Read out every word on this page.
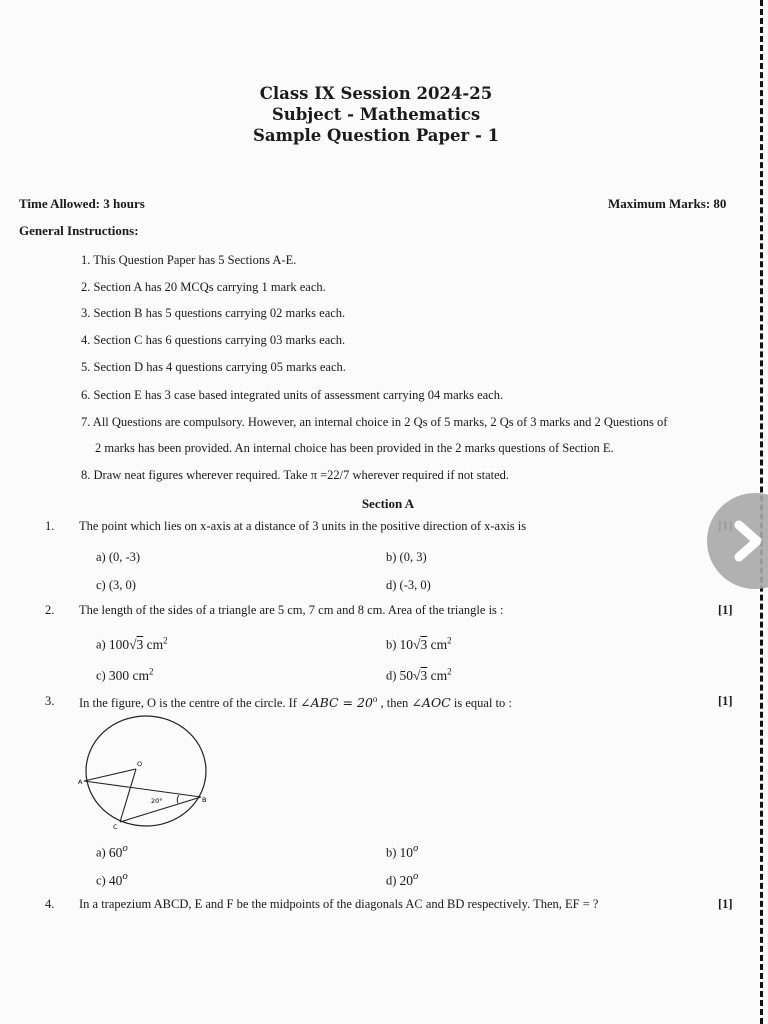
Class IX Session 2024-25
Subject - Mathematics
Sample Question Paper - 1
Time Allowed: 3 hours	Maximum Marks: 80
General Instructions:
1. This Question Paper has 5 Sections A-E.
2. Section A has 20 MCQs carrying 1 mark each.
3. Section B has 5 questions carrying 02 marks each.
4. Section C has 6 questions carrying 03 marks each.
5. Section D has 4 questions carrying 05 marks each.
6. Section E has 3 case based integrated units of assessment carrying 04 marks each.
7. All Questions are compulsory. However, an internal choice in 2 Qs of 5 marks, 2 Qs of 3 marks and 2 Questions of
2 marks has been provided. An internal choice has been provided in the 2 marks questions of Section E.
8. Draw neat figures wherever required. Take π =22/7 wherever required if not stated.
Section A
1. The point which lies on x-axis at a distance of 3 units in the positive direction of x-axis is
a) (0, -3)	b) (0, 3)
c) (3, 0)	d) (-3, 0)
2. The length of the sides of a triangle are 5 cm, 7 cm and 8 cm. Area of the triangle is :	[1]
a) 100√3 $cm^2$	b) 10√3 $cm^2$
c) 300 $cm^2$	d) 50√3 $cm^2$
3. In the figure, O is the centre of the circle. If ∠ABC = $20^o$ , then ∠AOC is equal to :	[1]
O
A
B
C
20°
a) 60$^o$	b) 10$^o$
c) 40$^o$	d) 20$^o$
4. In a trapezium ABCD, E and F be the midpoints of the diagonals AC and BD respectively. Then, EF = ?	[1]
